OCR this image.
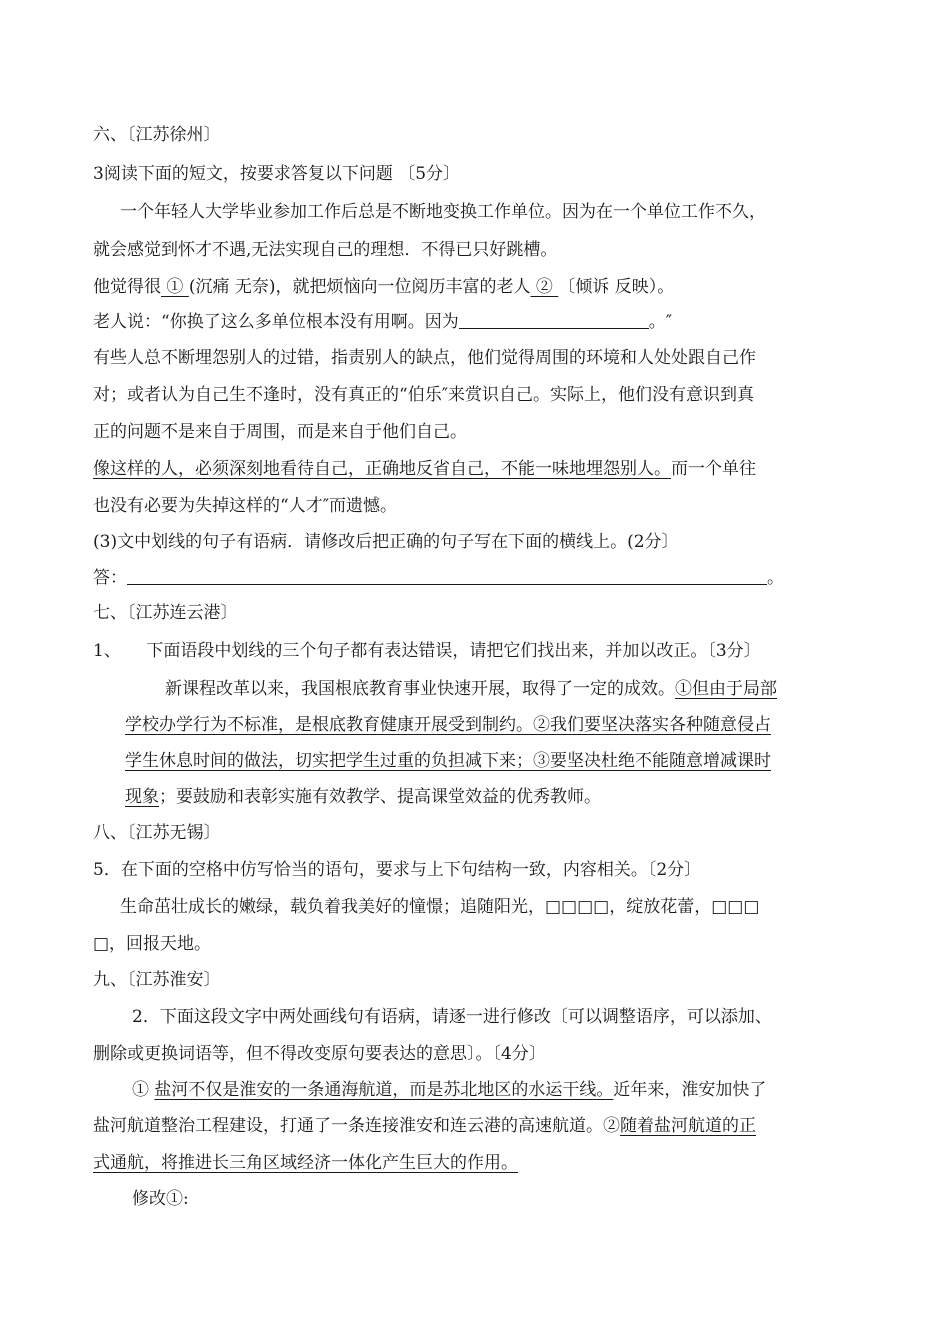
六、〔江苏徐州〕
3阅读下面的短文，按要求答复以下问题 〔5分〕
一个年轻人大学毕业参加工作后总是不断地变换工作单位。因为在一个单位工作不久，
就会感觉到怀才不遇,无法实现自己的理想．不得已只好跳槽。
他觉得很 ① (沉痛 无奈)，就把烦恼向一位阅历丰富的老人 ② 〔倾诉 反映）。
老人说：“你换了这么多单位根本没有用啊。因为	。″
有些人总不断埋怨别人的过错，指责别人的缺点，他们觉得周围的环境和人处处跟自己作
对；或者认为自己生不逢时，没有真正的“伯乐″来赏识自己。实际上，他们没有意识到真
正的问题不是来自于周围，而是来自于他们自己。
像这样的人，必须深刻地看待自己，正确地反省自己，不能一味地埋怨别人。而一个单往
也没有必要为失掉这样的“人才″而遗憾。
(3)文中划线的句子有语病．请修改后把正确的句子写在下面的横线上。(2分〕
答：	。
七、〔江苏连云港〕
1、　　下面语段中划线的三个句子都有表达错误，请把它们找出来，并加以改正。〔3分〕
新课程改革以来，我国根底教育事业快速开展，取得了一定的成效。①但由于局部
学校办学行为不标准，是根底教育健康开展受到制约。②我们要坚决落实各种随意侵占
学生休息时间的做法，切实把学生过重的负担减下来；③要坚决杜绝不能随意增减课时
现象；要鼓励和表彰实施有效教学、提高课堂效益的优秀教师。
八、〔江苏无锡〕
5．在下面的空格中仿写恰当的语句，要求与上下句结构一致，内容相关。〔2分〕
生命茁壮成长的嫩绿，载负着我美好的憧憬；追随阳光，□□□□，绽放花蕾，□□□
□，回报天地。
九、〔江苏淮安〕
2．下面这段文字中两处画线句有语病，请逐一进行修改〔可以调整语序，可以添加、
删除或更换词语等，但不得改变原句要表达的意思〕。〔4分〕
① 盐河不仅是淮安的一条通海航道，而是苏北地区的水运干线。近年来，淮安加快了
盐河航道整治工程建设，打通了一条连接淮安和连云港的高速航道。②随着盐河航道的正
式通航，将推进长三角区域经济一体化产生巨大的作用。
修改①:
